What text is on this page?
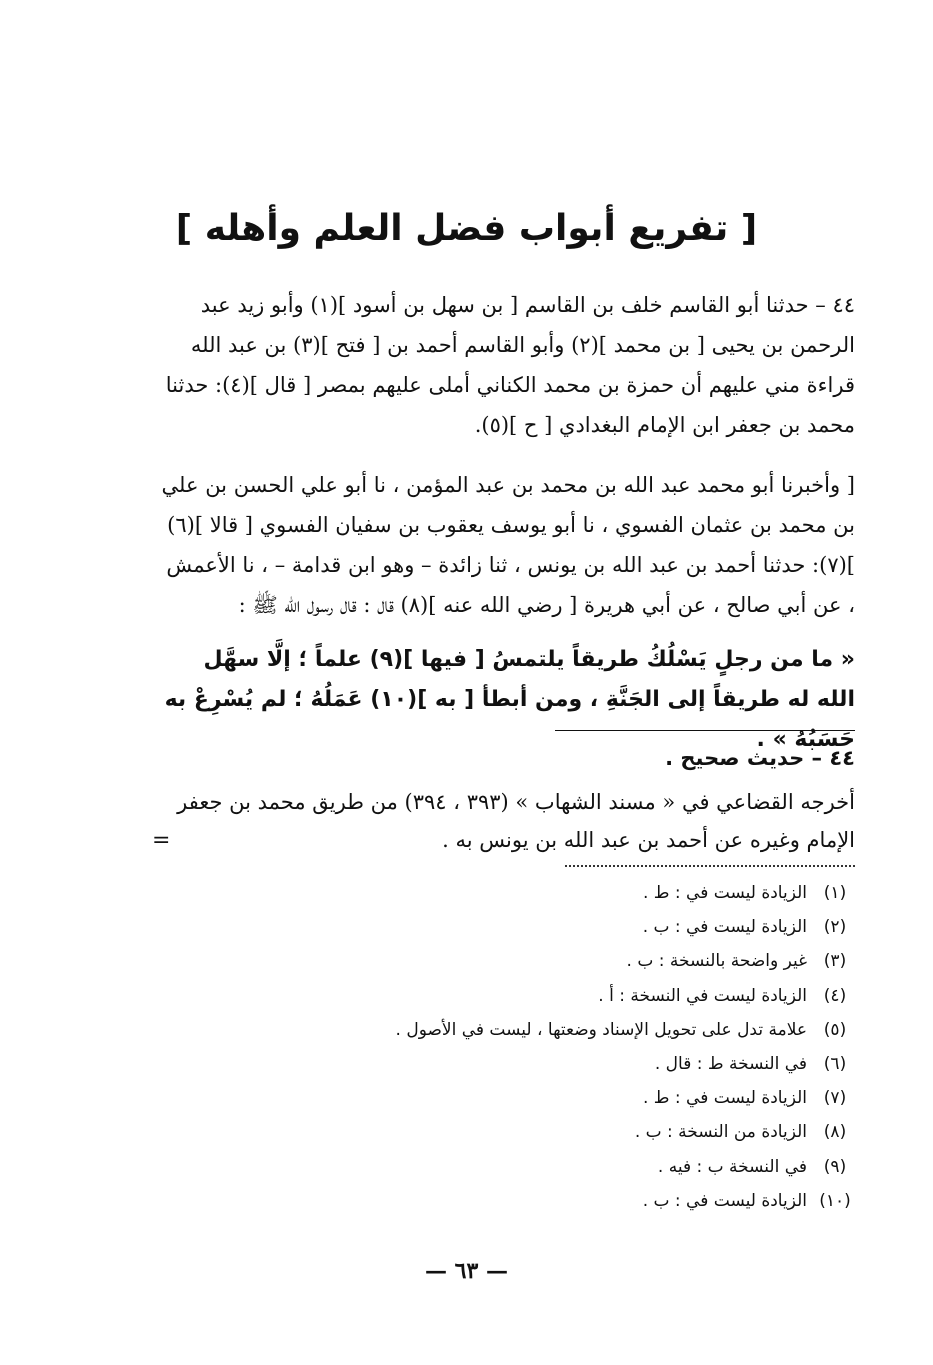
[ تفريع أبواب فضل العلم وأهله ]
٤٤ – حدثنا أبو القاسم خلف بن القاسم [ بن سهل بن أسود ](١) وأبو زيد عبد الرحمن بن يحيى [ بن محمد ](٢) وأبو القاسم أحمد بن [ فتح ](٣) بن عبد الله قراءة مني عليهم أن حمزة بن محمد الكناني أملى عليهم بمصر [ قال ](٤): حدثنا محمد بن جعفر ابن الإمام البغدادي [ ح ](٥).
[ وأخبرنا أبو محمد عبد الله بن محمد بن عبد المؤمن ، نا أبو علي الحسن بن علي بن محمد بن عثمان الفسوي ، نا أبو يوسف يعقوب بن سفيان الفسوي [ قالا ](٦) ](٧): حدثنا أحمد بن عبد الله بن يونس ، ثنا زائدة – وهو ابن قدامة – ، نا الأعمش ، عن أبي صالح ، عن أبي هريرة [ رضي الله عنه ](٨) قال : قال رسول الله ﷺ :
« ما من رجلٍ يَسْلُكُ طريقاً يلتمسُ [ فيها ](٩) علماً ؛ إلَّا سهَّل الله له طريقاً إلى الجَنَّةِ ، ومن أبطأ [ به ](١٠) عَمَلُهُ ؛ لم يُسْرِعْ به حَسَبُهُ » .
٤٤ – حديث صحيح .
أخرجه القضاعي في « مسند الشهاب » (٣٩٣ ، ٣٩٤) من طريق محمد بن جعفر الإمام وغيره عن أحمد بن عبد الله بن يونس به .
=
(١)الزيادة ليست في : ط .
(٢)الزيادة ليست في : ب .
(٣)غير واضحة بالنسخة : ب .
(٤)الزيادة ليست في النسخة : أ .
(٥)علامة تدل على تحويل الإسناد وضعتها ، ليست في الأصول .
(٦)في النسخة ط : قال .
(٧)الزيادة ليست في : ط .
(٨)الزيادة من النسخة : ب .
(٩)في النسخة ب : فيه .
(١٠)الزيادة ليست في : ب .
— ٦٣ —
